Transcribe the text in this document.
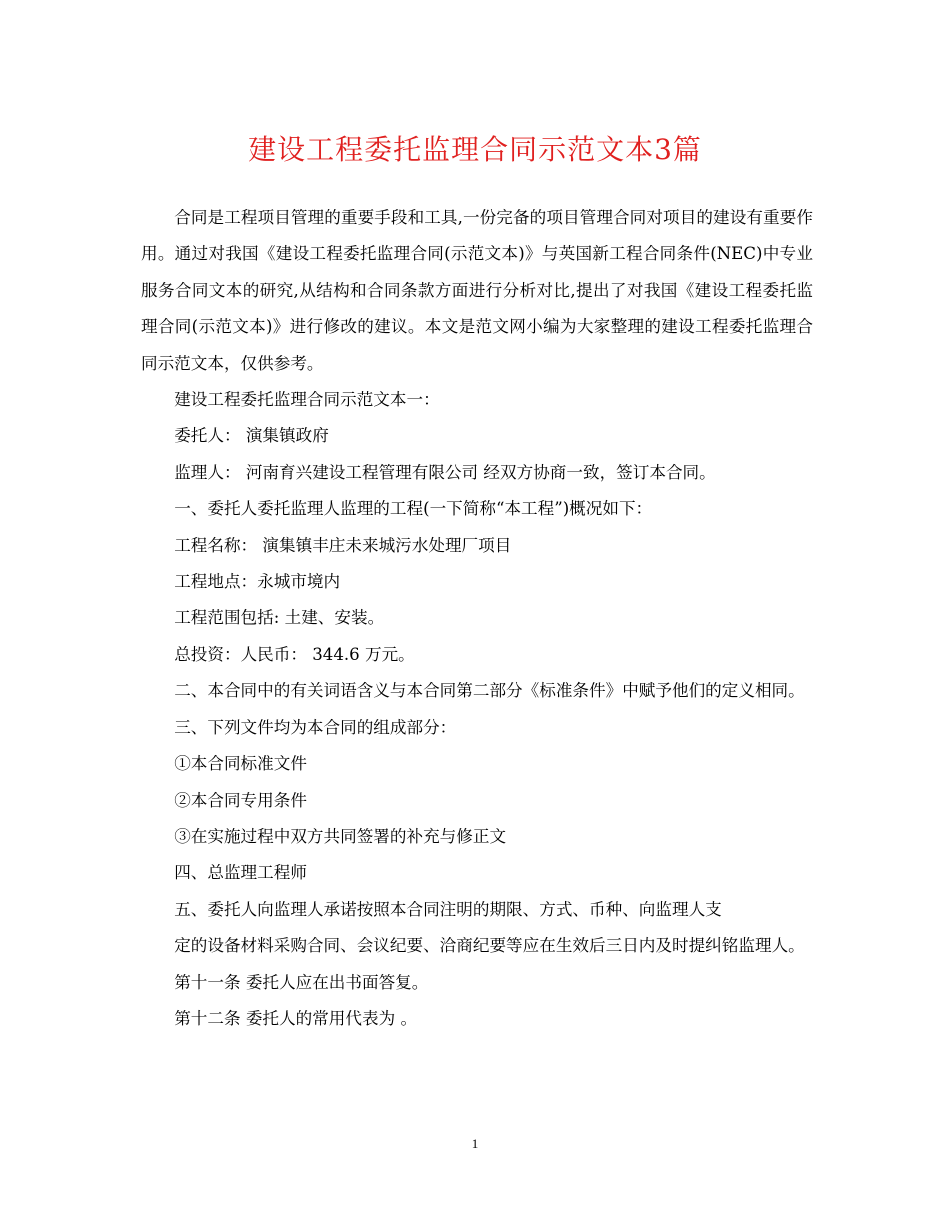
建设工程委托监理合同示范文本3篇

合同是工程项目管理的重要手段和工具,一份完备的项目管理合同对项目的建设有重要作用。通过对我国《建设工程委托监理合同(示范文本)》与英国新工程合同条件(NEC)中专业服务合同文本的研究,从结构和合同条款方面进行分析对比,提出了对我国《建设工程委托监理合同(示范文本)》进行修改的建议。本文是范文网小编为大家整理的建设工程委托监理合同示范文本，仅供参考。

建设工程委托监理合同示范文本一：

委托人： 演集镇政府

监理人： 河南育兴建设工程管理有限公司 经双方协商一致，签订本合同。

一、委托人委托监理人监理的工程(一下简称“本工程”)概况如下：

工程名称： 演集镇丰庄未来城污水处理厂项目

工程地点：永城市境内

工程范围包括: 土建、安装。

总投资：人民币： 344.6 万元。

二、本合同中的有关词语含义与本合同第二部分《标准条件》中赋予他们的定义相同。

三、下列文件均为本合同的组成部分：

①本合同标准文件

②本合同专用条件

③在实施过程中双方共同签署的补充与修正文

四、总监理工程师

五、委托人向监理人承诺按照本合同注明的期限、方式、币种、向监理人支

定的设备材料采购合同、会议纪要、洽商纪要等应在生效后三日内及时提纠铭监理人。

第十一条 委托人应在出书面答复。

第十二条 委托人的常用代表为 。

1
